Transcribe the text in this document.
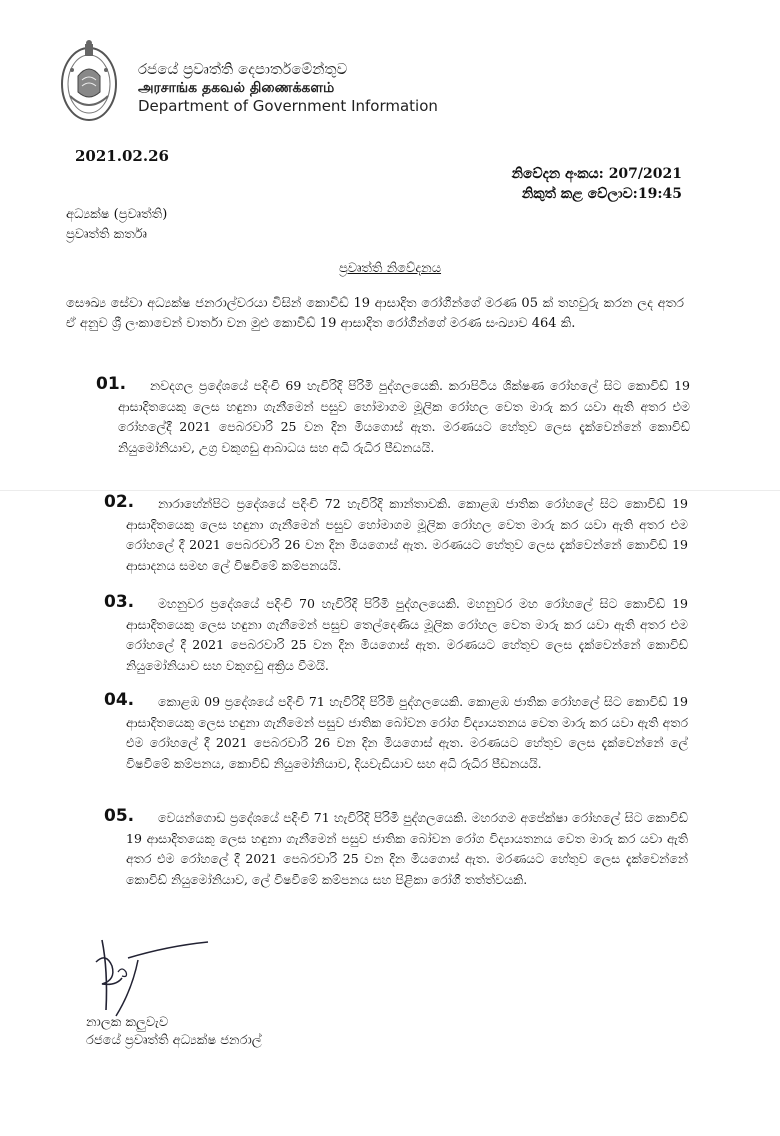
රජයේ ප්‍රවෘත්ති දෙපාර්තමේන්තුව
அரசாங்க தகவல் திணைக்களம்
Department of Government Information
2021.02.26
නිවේදන අංකය: 207/2021
නිකුත් කළ වේලාව:19:45
අධ්‍යක්ෂ (ප්‍රවෘත්ති)
ප්‍රවෘත්ති කර්තෘ
ප්‍රවෘත්ති නිවේදනය
සෞඛ්‍ය සේවා අධ්‍යක්ෂ ජනරාල්වරයා විසින් කොවිඩ් 19 ආසාදිත රෝගීන්ගේ මරණ 05 ක් තහවුරු කරන ලද අතර ඒ අනුව ශ්‍රී ලංකාවෙන් වාර්තා වන මුළු කොවිඩ් 19 ආසාදිත රෝගීන්ගේ මරණ සංඛ්‍යාව 464 කි.
01.	නවදගල ප්‍රදේශයේ පදිංචි 69 හැවිරිදි පිරිමි පුද්ගලයෙකි. කරාපිටිය ශික්ෂණ රෝහලේ සිට කොවිඩ් 19 ආසාදිතයෙකු ලෙස හඳුනා ගැනීමෙන් පසුව හෝමාගම මූලික රෝහල වෙත මාරු කර යවා ඇති අතර එම රෝහලේදී 2021 පෙබරවාරි 25 වන දින මියගොස් ඇත. මරණයට හේතුව ලෙස දැක්වෙන්නේ කොවිඩ් නියුමෝනියාව, උග්‍ර වකුගඩු ආබාධය සහ අධි රුධිර පීඩනයයි.
02.	නාරාහේන්පිට ප්‍රදේශයේ පදිංචි 72 හැවිරිදි කාන්තාවකි. කොළඹ ජාතික රෝහලේ සිට කොවිඩ් 19 ආසාදිතයෙකු ලෙස හඳුනා ගැනීමෙන් පසුව හෝමාගම මූලික රෝහල වෙත මාරු කර යවා ඇති අතර එම රෝහලේ දී 2021 පෙබරවාරි 26 වන දින මියගොස් ඇත. මරණයට හේතුව ලෙස දැක්වෙන්නේ කොවිඩ් 19 ආසාදනය සමඟ ලේ විෂවීමේ කම්පනයයි.
03.	මහනුවර ප්‍රදේශයේ පදිංචි 70 හැවිරිදි පිරිමි පුද්ගලයෙකි. මහනුවර මහ රෝහලේ සිට කොවිඩ් 19 ආසාදිතයෙකු ලෙස හඳුනා ගැනීමෙන් පසුව තෙල්දෙණිය මූලික රෝහල වෙත මාරු කර යවා ඇති අතර එම රෝහලේ දී 2021 පෙබරවාරි 25 වන දින මියගොස් ඇත. මරණයට හේතුව ලෙස දැක්වෙන්නේ කොවිඩ් නියුමෝනියාව සහ වකුගඩු අක්‍රිය වීමයි.
04.	කොළඹ 09 ප්‍රදේශයේ පදිංචි 71 හැවිරිදි පිරිමි පුද්ගලයෙකි. කොළඹ ජාතික රෝහලේ සිට කොවිඩ් 19 ආසාදිතයෙකු ලෙස හඳුනා ගැනීමෙන් පසුව ජාතික බෝවන රෝග විද්‍යායතනය වෙත මාරු කර යවා ඇති අතර එම රෝහලේ දී 2021 පෙබරවාරි 26 වන දින මියගොස් ඇත. මරණයට හේතුව ලෙස දැක්වෙන්නේ ලේ විෂවීමේ කම්පනය, කොවිඩ් නියුමෝනියාව, දියවැඩියාව සහ අධි රුධිර පීඩනයයි.
05.	වෙයන්ගොඩ ප්‍රදේශයේ පදිංචි 71 හැවිරිදි පිරිමි පුද්ගලයෙකි. මහරගම අපේක්ෂා රෝහලේ සිට කොවිඩ් 19 ආසාදිතයෙකු ලෙස හඳුනා ගැනීමෙන් පසුව ජාතික බෝවන රෝග විද්‍යායතනය වෙත මාරු කර යවා ඇති අතර එම රෝහලේ දී 2021 පෙබරවාරි 25 වන දින මියගොස් ඇත. මරණයට හේතුව ලෙස දැක්වෙන්නේ කොවිඩ් නියුමෝනියාව, ලේ විෂවීමේ කම්පනය සහ පිළිකා රෝගී තත්ත්වයකි.
නාලක කලුවැව
රජයේ ප්‍රවෘත්ති අධ්‍යක්ෂ ජනරාල්
